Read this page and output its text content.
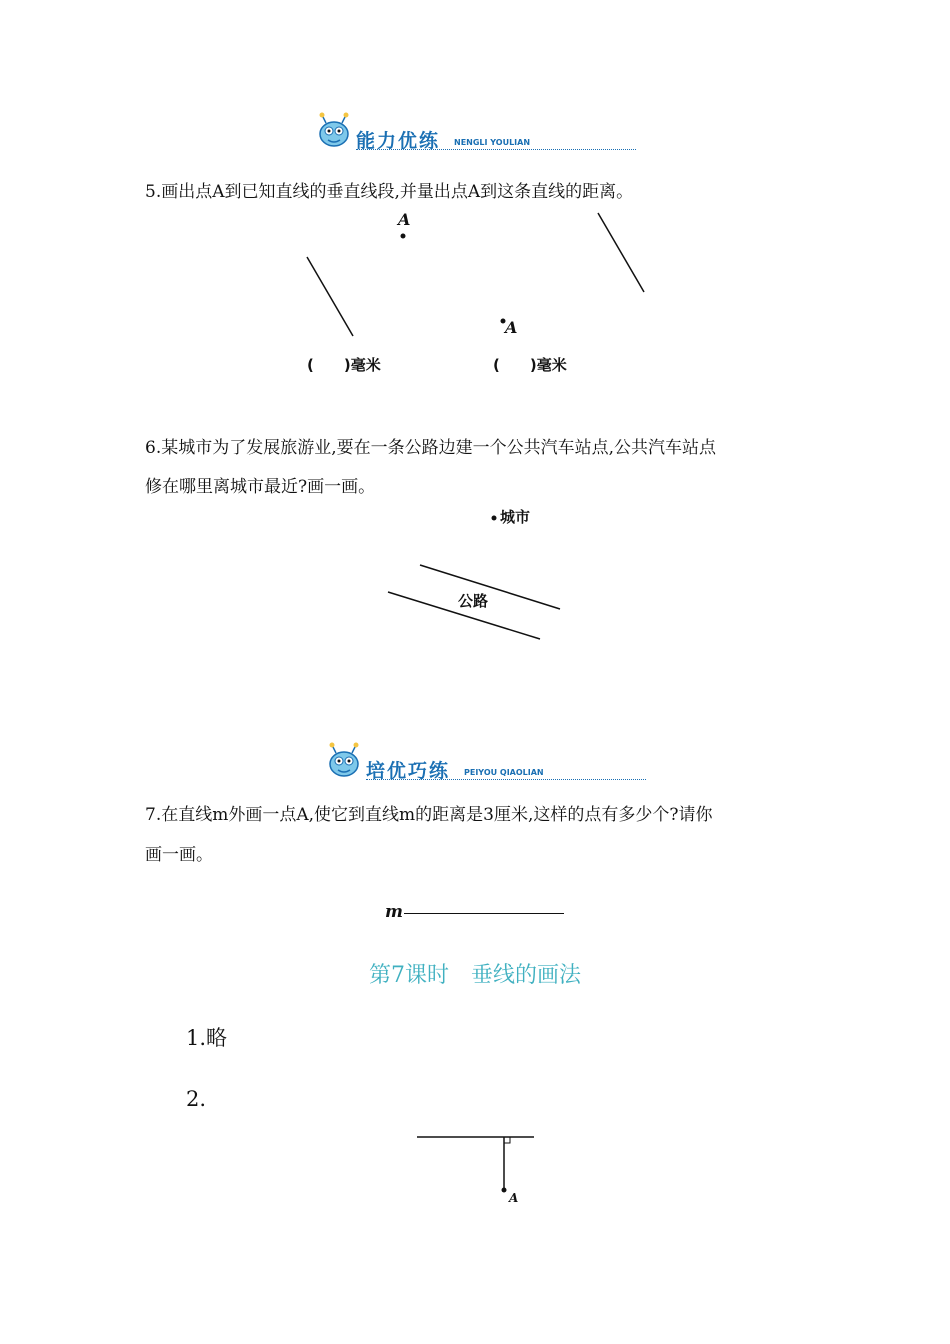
能力优练 NENGLI YOULIAN
5.画出点A到已知直线的垂直线段,并量出点A到这条直线的距离。
A
A
(　　)毫米	(　　)毫米
6.某城市为了发展旅游业,要在一条公路边建一个公共汽车站点,公共汽车站点
修在哪里离城市最近?画一画。
城市
公路
培优巧练 PEIYOU QIAOLIAN
7.在直线m外画一点A,使它到直线m的距离是3厘米,这样的点有多少个?请你
画一画。
m
第7课时　垂线的画法
1.略
2.
A
